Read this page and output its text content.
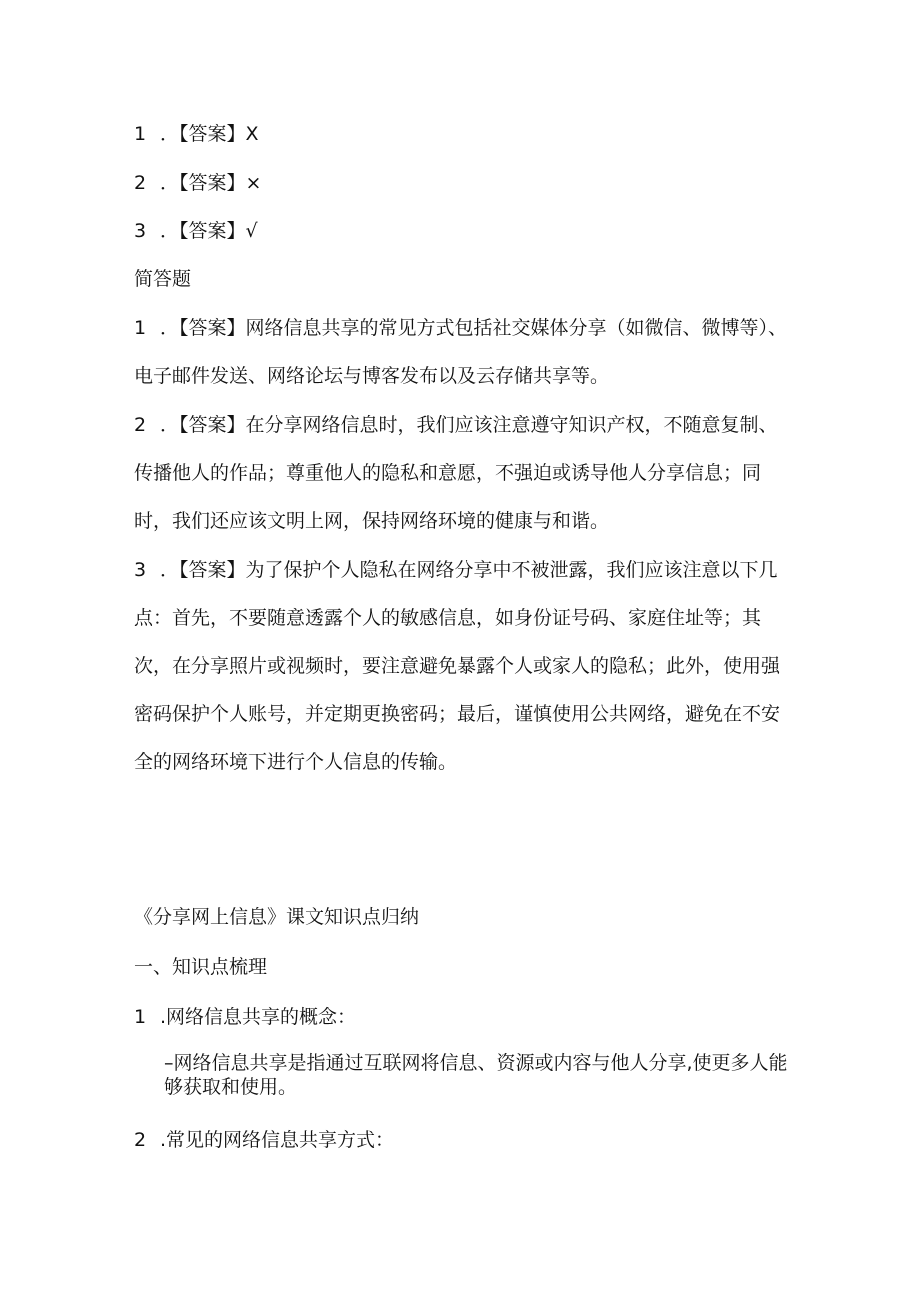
1 ．【答案】X
2 ．【答案】×
3 ．【答案】√
简答题
1 ．【答案】网络信息共享的常见方式包括社交媒体分享（如微信、微博等）、电子邮件发送、网络论坛与博客发布以及云存储共享等。
2 ．【答案】在分享网络信息时，我们应该注意遵守知识产权，不随意复制、传播他人的作品；尊重他人的隐私和意愿，不强迫或诱导他人分享信息；同时，我们还应该文明上网，保持网络环境的健康与和谐。
3 ．【答案】为了保护个人隐私在网络分享中不被泄露，我们应该注意以下几点：首先，不要随意透露个人的敏感信息，如身份证号码、家庭住址等；其次，在分享照片或视频时，要注意避免暴露个人或家人的隐私；此外，使用强密码保护个人账号，并定期更换密码；最后，谨慎使用公共网络，避免在不安全的网络环境下进行个人信息的传输。
《分享网上信息》课文知识点归纳
一、知识点梳理
1 .网络信息共享的概念：
–网络信息共享是指通过互联网将信息、资源或内容与他人分享,使更多人能够获取和使用。
2 .常见的网络信息共享方式：
